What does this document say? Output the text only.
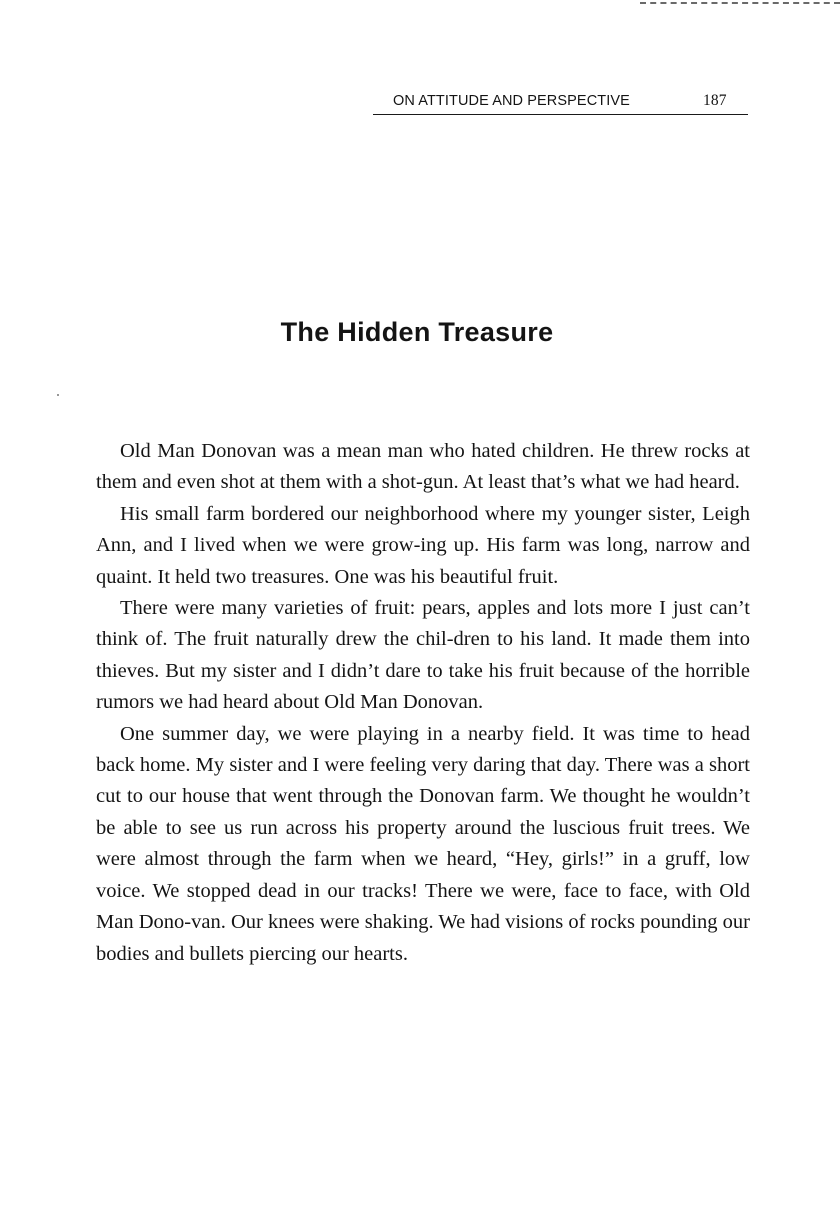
ON ATTITUDE AND PERSPECTIVE	187
The Hidden Treasure

Old Man Donovan was a mean man who hated children. He threw rocks at them and even shot at them with a shot-gun. At least that’s what we had heard.

His small farm bordered our neighborhood where my younger sister, Leigh Ann, and I lived when we were grow-ing up. His farm was long, narrow and quaint. It held two treasures. One was his beautiful fruit.

There were many varieties of fruit: pears, apples and lots more I just can’t think of. The fruit naturally drew the chil-dren to his land. It made them into thieves. But my sister and I didn’t dare to take his fruit because of the horrible rumors we had heard about Old Man Donovan.

One summer day, we were playing in a nearby field. It was time to head back home. My sister and I were feeling very daring that day. There was a short cut to our house that went through the Donovan farm. We thought he wouldn’t be able to see us run across his property around the luscious fruit trees. We were almost through the farm when we heard, “Hey, girls!” in a gruff, low voice. We stopped dead in our tracks! There we were, face to face, with Old Man Dono-van. Our knees were shaking. We had visions of rocks pounding our bodies and bullets piercing our hearts.
